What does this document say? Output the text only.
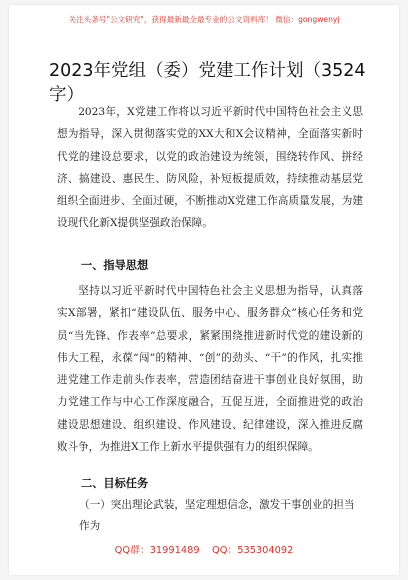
关注头条号"公文研究"，获得最新最全最专业的公文资料库！ 微信：gongwenyj
2023年党组（委）党建工作计划（3524字）

2023年，X党建工作将以习近平新时代中国特色社会主义思想为指导，深入贯彻落实党的XX大和X会议精神，全面落实新时代党的建设总要求，以党的政治建设为统领，围绕转作风、拼经济、搞建设、惠民生、防风险，补短板提质效，持续推动基层党组织全面进步、全面过硬，不断推动X党建工作高质量发展，为建设现代化新X提供坚强政治保障。

一、指导思想

坚持以习近平新时代中国特色社会主义思想为指导，认真落实X部署，紧扣“建设队伍、服务中心、服务群众”核心任务和党员“当先锋、作表率”总要求，紧紧围绕推进新时代党的建设新的伟大工程，永葆“闯”的精神、“创”的劲头、“干”的作风，扎实推进党建工作走前头作表率，营造团结奋进干事创业良好氛围，助力党建工作与中心工作深度融合，互促互进，全面推进党的政治建设思想建设、组织建设、作风建设、纪律建设，深入推进反腐败斗争，为推进X工作上新水平提供强有力的组织保障。

二、目标任务

（一）突出理论武装，坚定理想信念，激发干事创业的担当作为

QQ群：31991489    QQ：535304092
